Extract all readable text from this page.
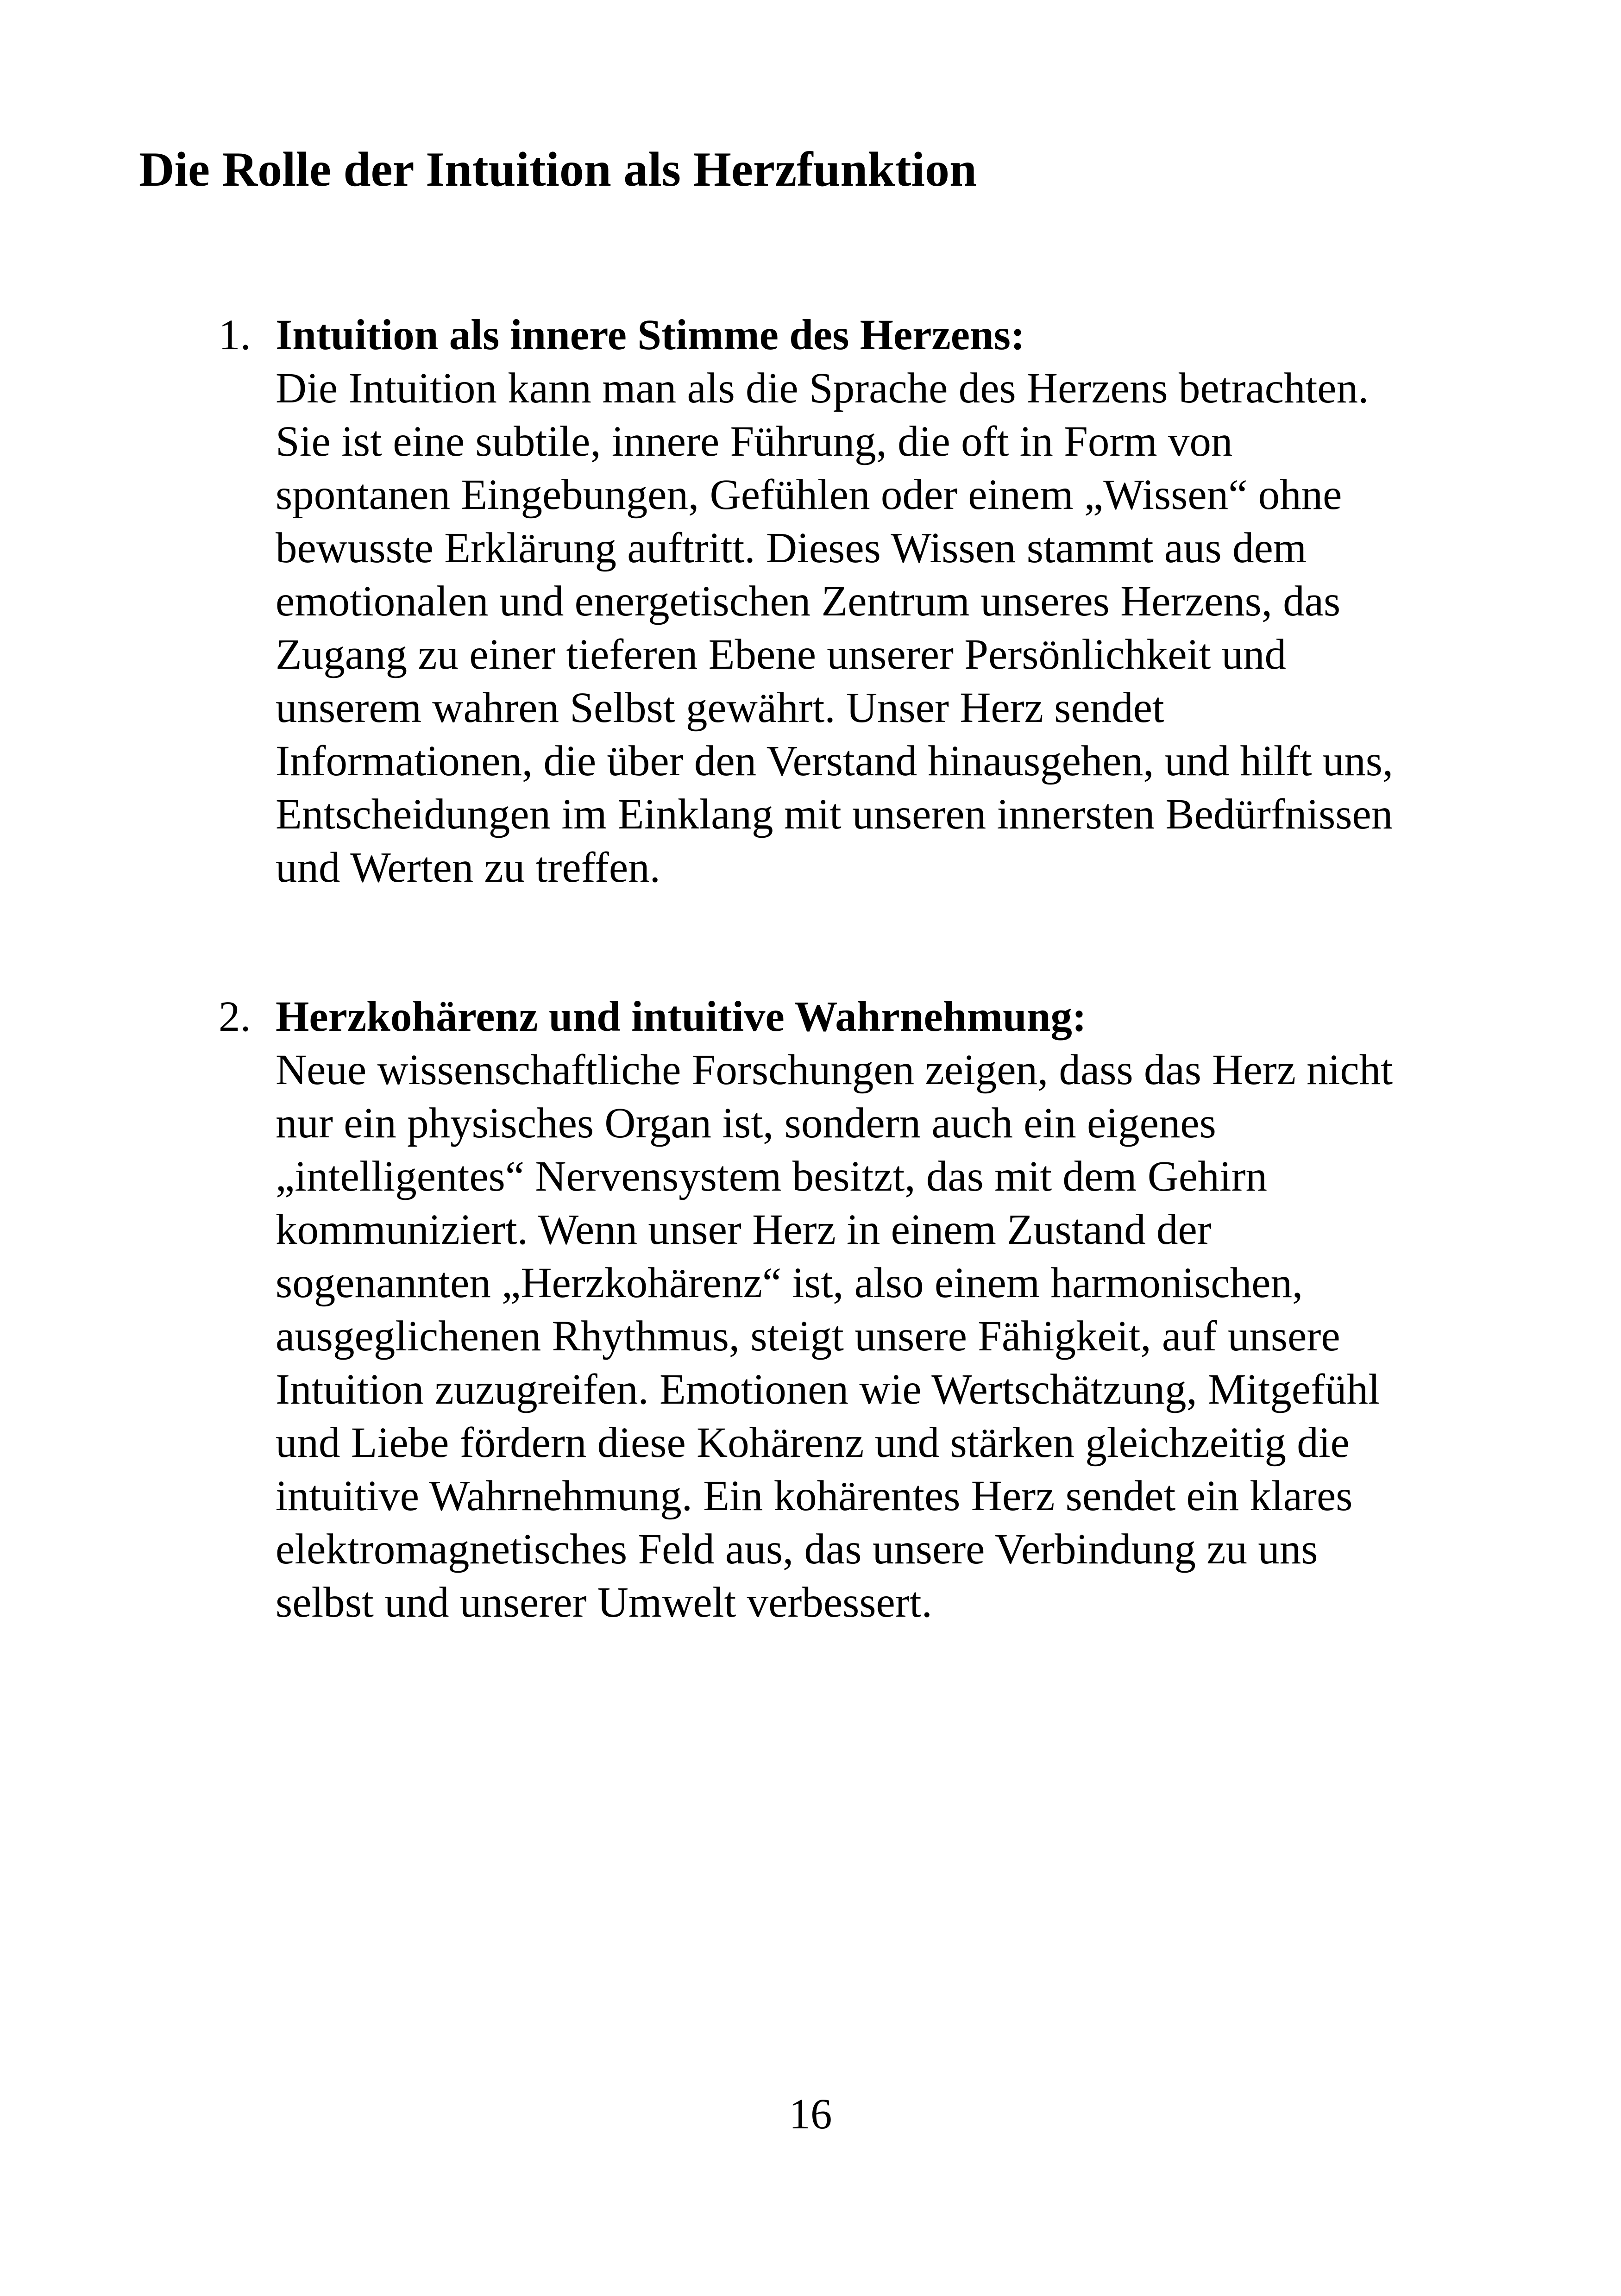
Die Rolle der Intuition als Herzfunktion
1. Intuition als innere Stimme des Herzens:
Die Intuition kann man als die Sprache des Herzens betrachten.
Sie ist eine subtile, innere Führung, die oft in Form von
spontanen Eingebungen, Gefühlen oder einem „Wissen“ ohne
bewusste Erklärung auftritt. Dieses Wissen stammt aus dem
emotionalen und energetischen Zentrum unseres Herzens, das
Zugang zu einer tieferen Ebene unserer Persönlichkeit und
unserem wahren Selbst gewährt. Unser Herz sendet
Informationen, die über den Verstand hinausgehen, und hilft uns,
Entscheidungen im Einklang mit unseren innersten Bedürfnissen
und Werten zu treffen.
2. Herzkohärenz und intuitive Wahrnehmung:
Neue wissenschaftliche Forschungen zeigen, dass das Herz nicht
nur ein physisches Organ ist, sondern auch ein eigenes
„intelligentes“ Nervensystem besitzt, das mit dem Gehirn
kommuniziert. Wenn unser Herz in einem Zustand der
sogenannten „Herzkohärenz“ ist, also einem harmonischen,
ausgeglichenen Rhythmus, steigt unsere Fähigkeit, auf unsere
Intuition zuzugreifen. Emotionen wie Wertschätzung, Mitgefühl
und Liebe fördern diese Kohärenz und stärken gleichzeitig die
intuitive Wahrnehmung. Ein kohärentes Herz sendet ein klares
elektromagnetisches Feld aus, das unsere Verbindung zu uns
selbst und unserer Umwelt verbessert.
16
